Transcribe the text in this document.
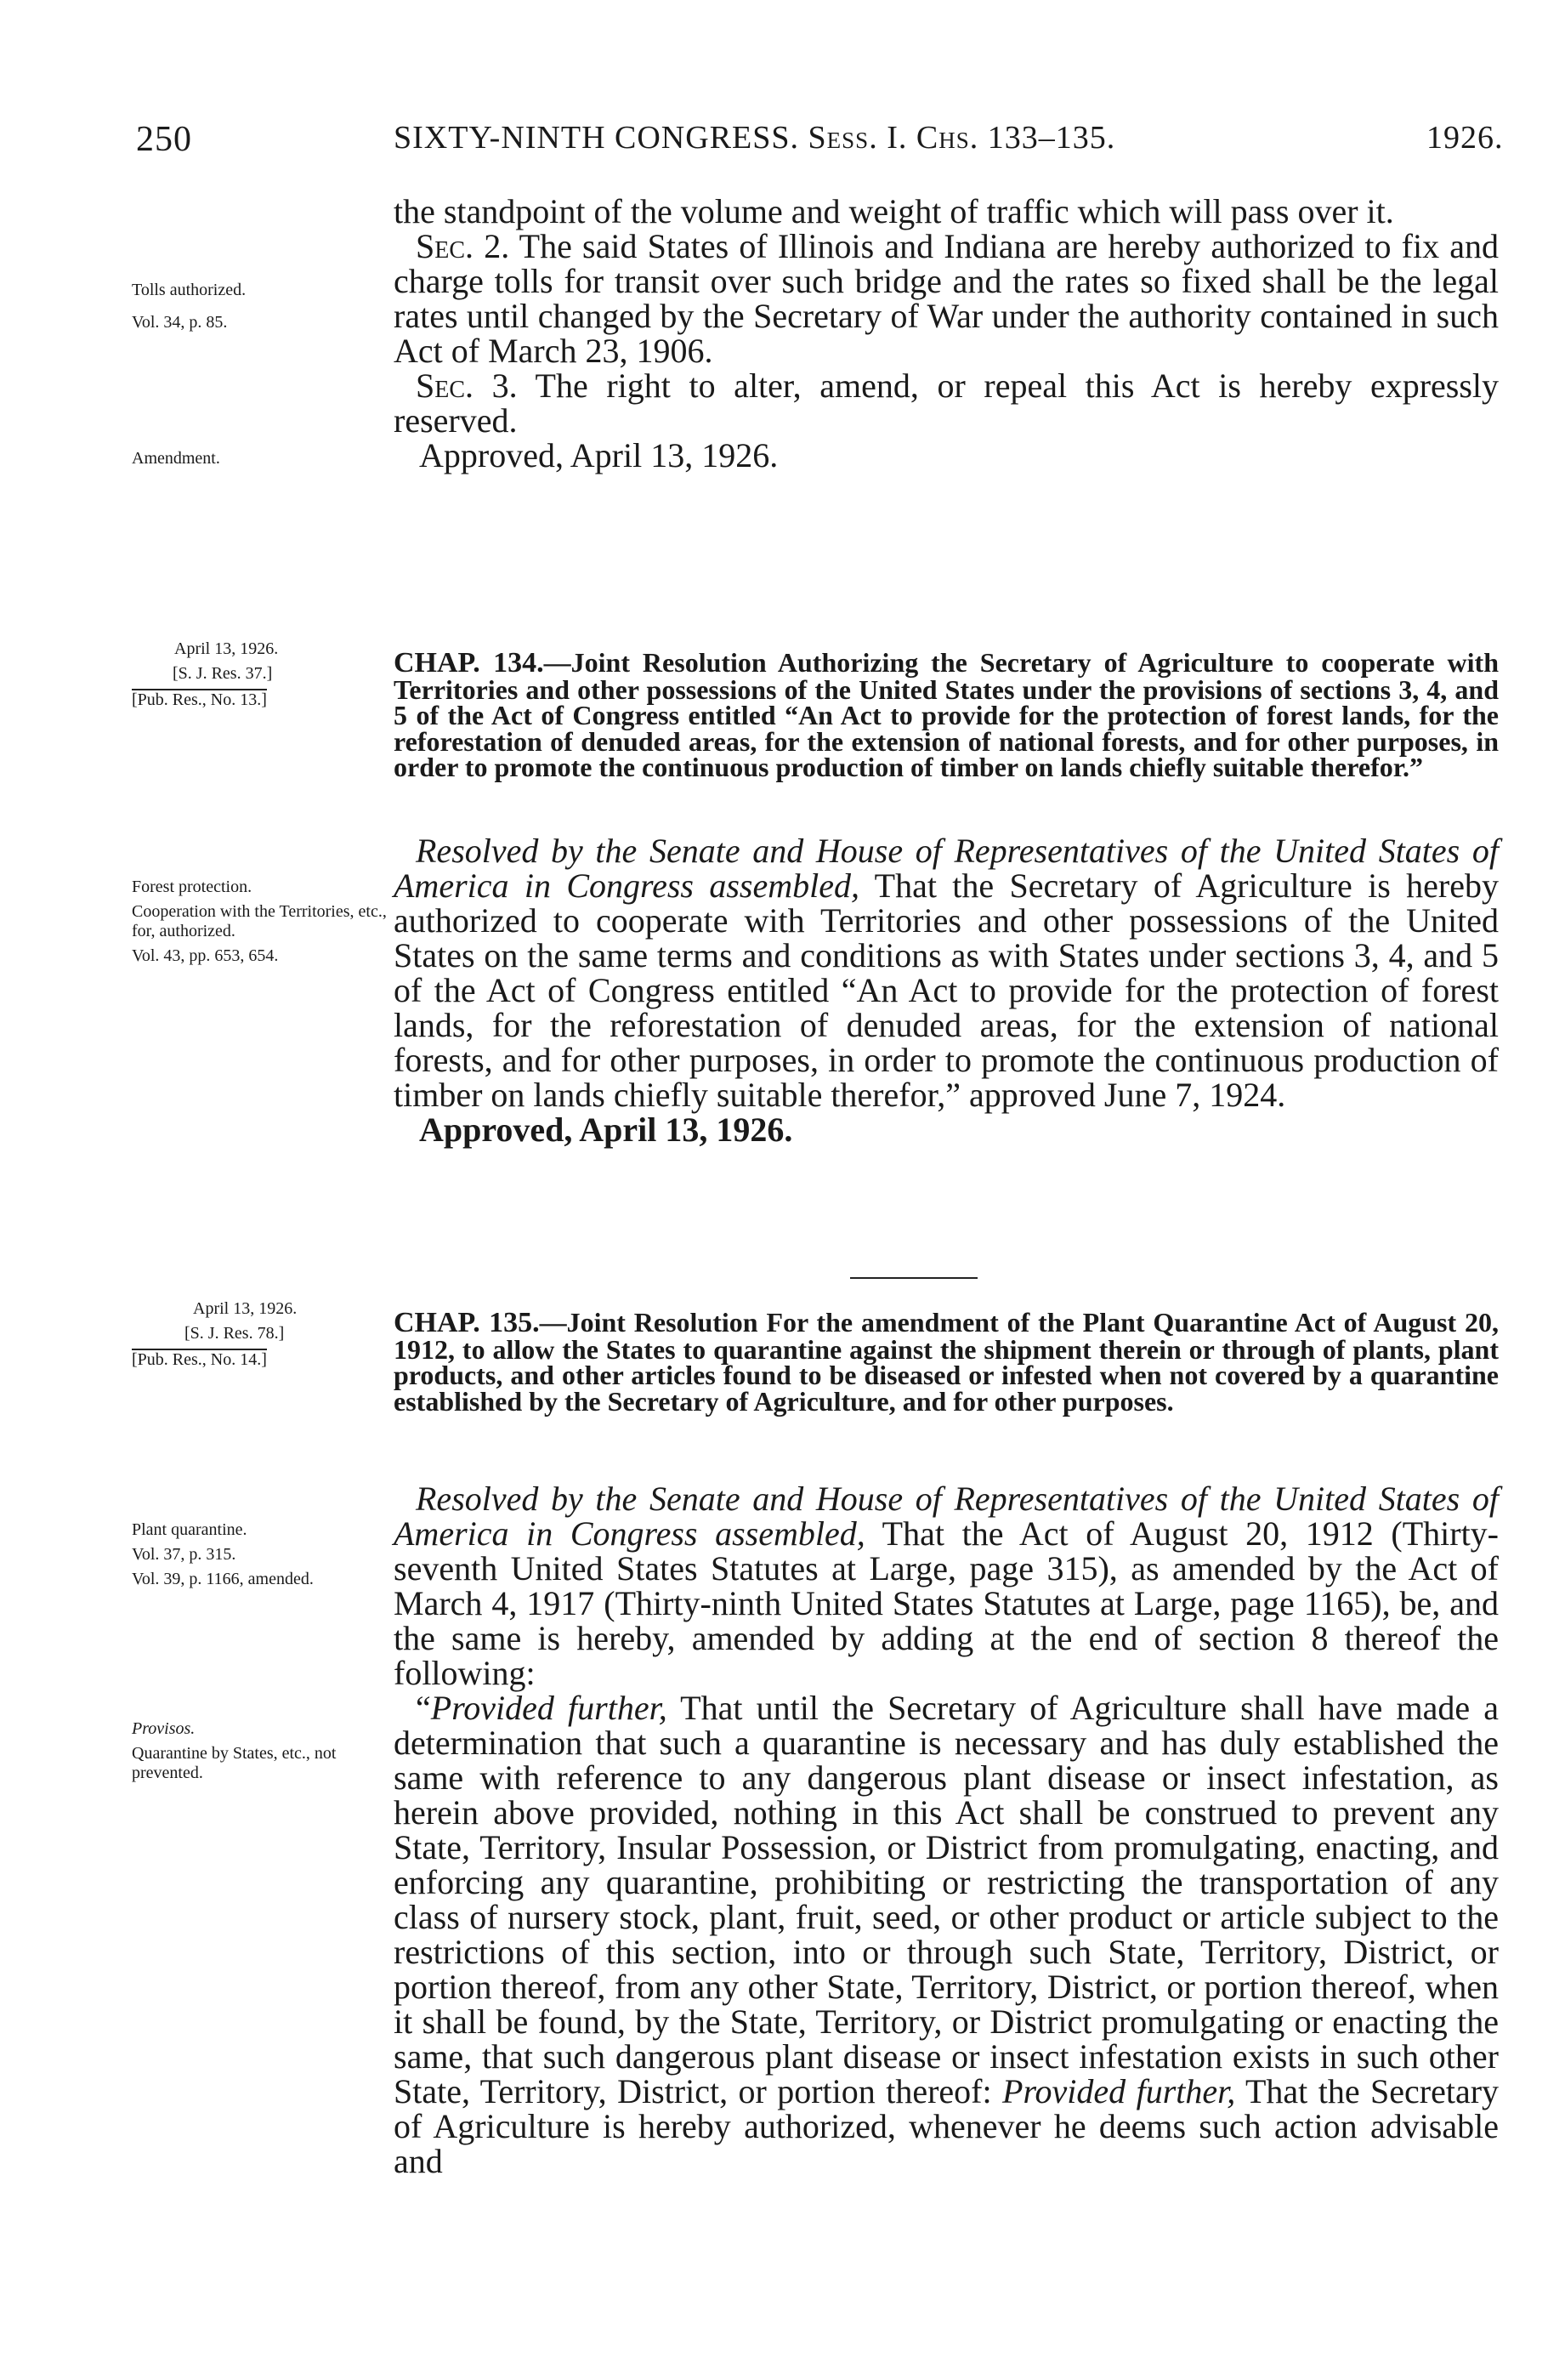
250	SIXTY-NINTH CONGRESS. Sess. I. Chs. 133–135.	1926.

the standpoint of the volume and weight of traffic which will pass over it.

Sec. 2. The said States of Illinois and Indiana are hereby authorized to fix and charge tolls for transit over such bridge and the rates so fixed shall be the legal rates until changed by the Secretary of War under the authority contained in such Act of March 23, 1906.

Sec. 3. The right to alter, amend, or repeal this Act is hereby expressly reserved.

Approved, April 13, 1926.

Tolls authorized.
Vol. 34, p. 85.
Amendment.

April 13, 1926.

[S. J. Res. 37.]

[Pub. Res., No. 13.]

CHAP. 134.—Joint Resolution Authorizing the Secretary of Agriculture to cooperate with Territories and other possessions of the United States under the provisions of sections 3, 4, and 5 of the Act of Congress entitled “An Act to provide for the protection of forest lands, for the reforestation of denuded areas, for the extension of national forests, and for other purposes, in order to promote the continuous production of timber on lands chiefly suitable therefor.”

Resolved by the Senate and House of Representatives of the United States of America in Congress assembled, That the Secretary of Agriculture is hereby authorized to cooperate with Territories and other possessions of the United States on the same terms and conditions as with States under sections 3, 4, and 5 of the Act of Congress entitled “An Act to provide for the protection of forest lands, for the reforestation of denuded areas, for the extension of national forests, and for other purposes, in order to promote the continuous production of timber on lands chiefly suitable therefor,” approved June 7, 1924.

Approved, April 13, 1926.

Forest protection.

Cooperation with the Territories, etc., for, authorized.

Vol. 43, pp. 653, 654.

April 13, 1926.

[S. J. Res. 78.]

[Pub. Res., No. 14.]

CHAP. 135.—Joint Resolution For the amendment of the Plant Quarantine Act of August 20, 1912, to allow the States to quarantine against the shipment therein or through of plants, plant products, and other articles found to be diseased or infested when not covered by a quarantine established by the Secretary of Agriculture, and for other purposes.

Resolved by the Senate and House of Representatives of the United States of America in Congress assembled, That the Act of August 20, 1912 (Thirty-seventh United States Statutes at Large, page 315), as amended by the Act of March 4, 1917 (Thirty-ninth United States Statutes at Large, page 1165), be, and the same is hereby, amended by adding at the end of section 8 thereof the following:

“Provided further, That until the Secretary of Agriculture shall have made a determination that such a quarantine is necessary and has duly established the same with reference to any dangerous plant disease or insect infestation, as herein above provided, nothing in this Act shall be construed to prevent any State, Territory, Insular Possession, or District from promulgating, enacting, and enforcing any quarantine, prohibiting or restricting the transportation of any class of nursery stock, plant, fruit, seed, or other product or article subject to the restrictions of this section, into or through such State, Territory, District, or portion thereof, from any other State, Territory, District, or portion thereof, when it shall be found, by the State, Territory, or District promulgating or enacting the same, that such dangerous plant disease or insect infestation exists in such other State, Territory, District, or portion thereof: Provided further, That the Secretary of Agriculture is hereby authorized, whenever he deems such action advisable and

Plant quarantine.

Vol. 37, p. 315.

Vol. 39, p. 1166, amended.

Provisos.

Quarantine by States, etc., not prevented.
